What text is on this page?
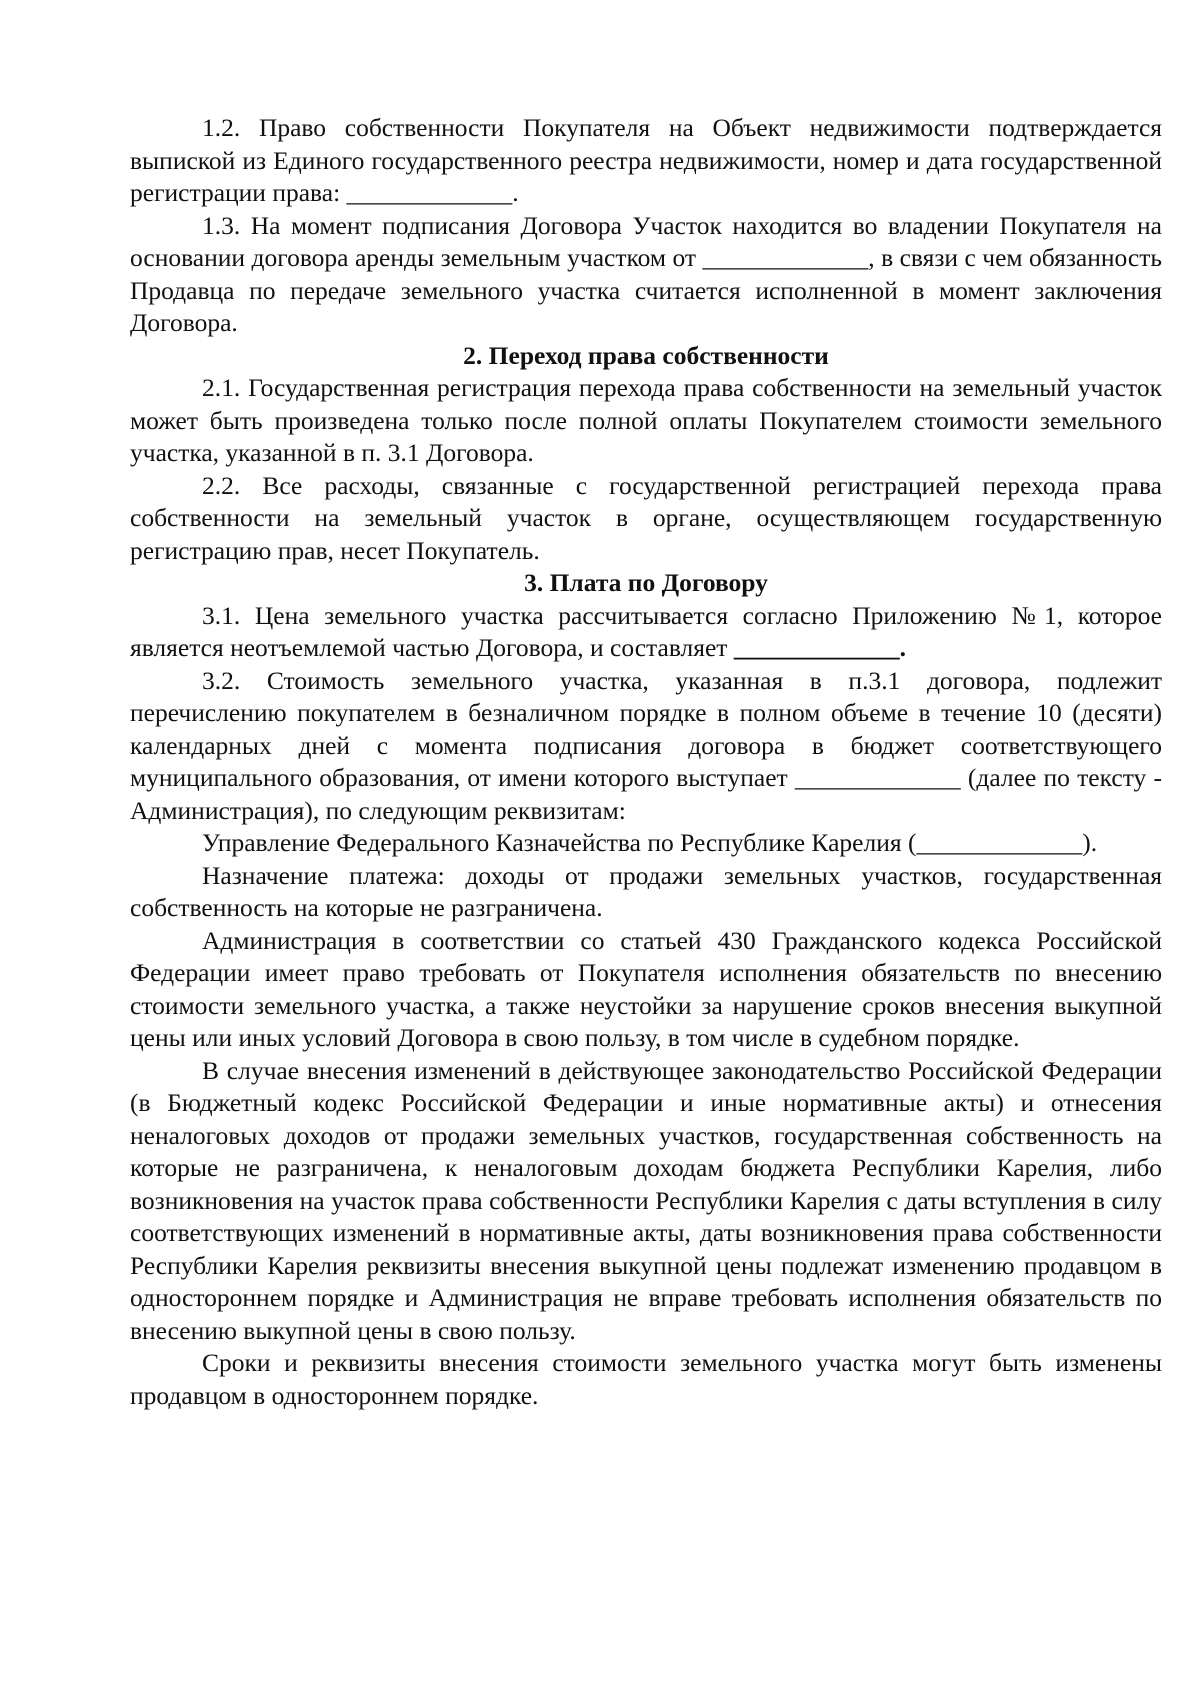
1.2. Право собственности Покупателя на Объект недвижимости подтверждается выпиской из Единого государственного реестра недвижимости, номер и дата государственной регистрации права: _____________.

1.3. На момент подписания Договора Участок находится во владении Покупателя на основании договора аренды земельным участком от _____________, в связи с чем обязанность Продавца по передаче земельного участка считается исполненной в момент заключения Договора.

2. Переход права собственности

2.1. Государственная регистрация перехода права собственности на земельный участок может быть произведена только после полной оплаты Покупателем стоимости земельного участка, указанной в п. 3.1 Договора.

2.2. Все расходы, связанные с государственной регистрацией перехода права собственности на земельный участок в органе, осуществляющем государственную регистрацию прав, несет Покупатель.

3. Плата по Договору

3.1. Цена земельного участка рассчитывается согласно Приложению №1, которое является неотъемлемой частью Договора, и составляет _____________.

3.2. Стоимость земельного участка, указанная в п.3.1 договора, подлежит перечислению покупателем в безналичном порядке в полном объеме в течение 10 (десяти) календарных дней с момента подписания договора в бюджет соответствующего муниципального образования, от имени которого выступает _____________ (далее по тексту - Администрация), по следующим реквизитам:

Управление Федерального Казначейства по Республике Карелия (_____________).

Назначение платежа: доходы от продажи земельных участков, государственная собственность на которые не разграничена.

Администрация в соответствии со статьей 430 Гражданского кодекса Российской Федерации имеет право требовать от Покупателя исполнения обязательств по внесению стоимости земельного участка, а также неустойки за нарушение сроков внесения выкупной цены или иных условий Договора в свою пользу, в том числе в судебном порядке.

В случае внесения изменений в действующее законодательство Российской Федерации (в Бюджетный кодекс Российской Федерации и иные нормативные акты) и отнесения неналоговых доходов от продажи земельных участков, государственная собственность на которые не разграничена, к неналоговым доходам бюджета Республики Карелия, либо возникновения на участок права собственности Республики Карелия с даты вступления в силу соответствующих изменений в нормативные акты, даты возникновения права собственности Республики Карелия реквизиты внесения выкупной цены подлежат изменению продавцом в одностороннем порядке и Администрация не вправе требовать исполнения обязательств по внесению выкупной цены в свою пользу.

Сроки и реквизиты внесения стоимости земельного участка могут быть изменены продавцом в одностороннем порядке.
